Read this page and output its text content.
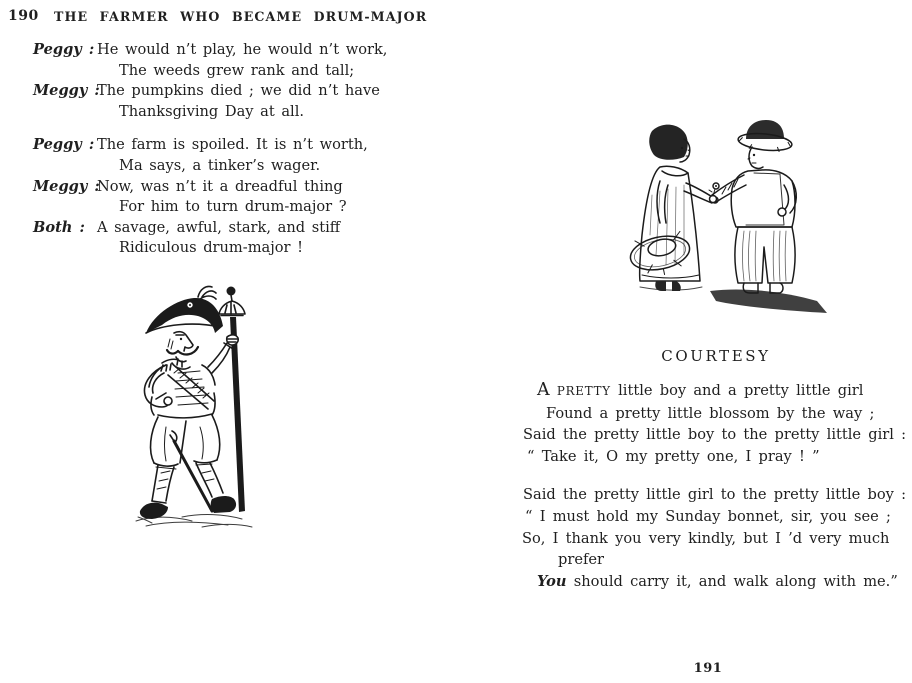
190 THE FARMER WHO BECAME DRUM-MAJOR
Peggy : He would n’t play, he would n’t work,
The weeds grew rank and tall;
Meggy :The pumpkins died ; we did n’t have
Thanksgiving Day at all.
Peggy : The farm is spoiled. It is n’t worth,
Ma says, a tinker’s wager.
Meggy :Now, was n’t it a dreadful thing
For him to turn drum-major ?
Both : A savage, awful, stark, and stiff
Ridiculous drum-major !
COURTESY
A PRETTY little boy and a pretty little girl
Found a pretty little blossom by the way ;
Said the pretty little boy to the pretty little girl :
“ Take it, O my pretty one, I pray ! ”
Said the pretty little girl to the pretty little boy :
“ I must hold my Sunday bonnet, sir, you see ;
So, I thank you very kindly, but I ’d very much
prefer
You should carry it, and walk along with me.”
191
